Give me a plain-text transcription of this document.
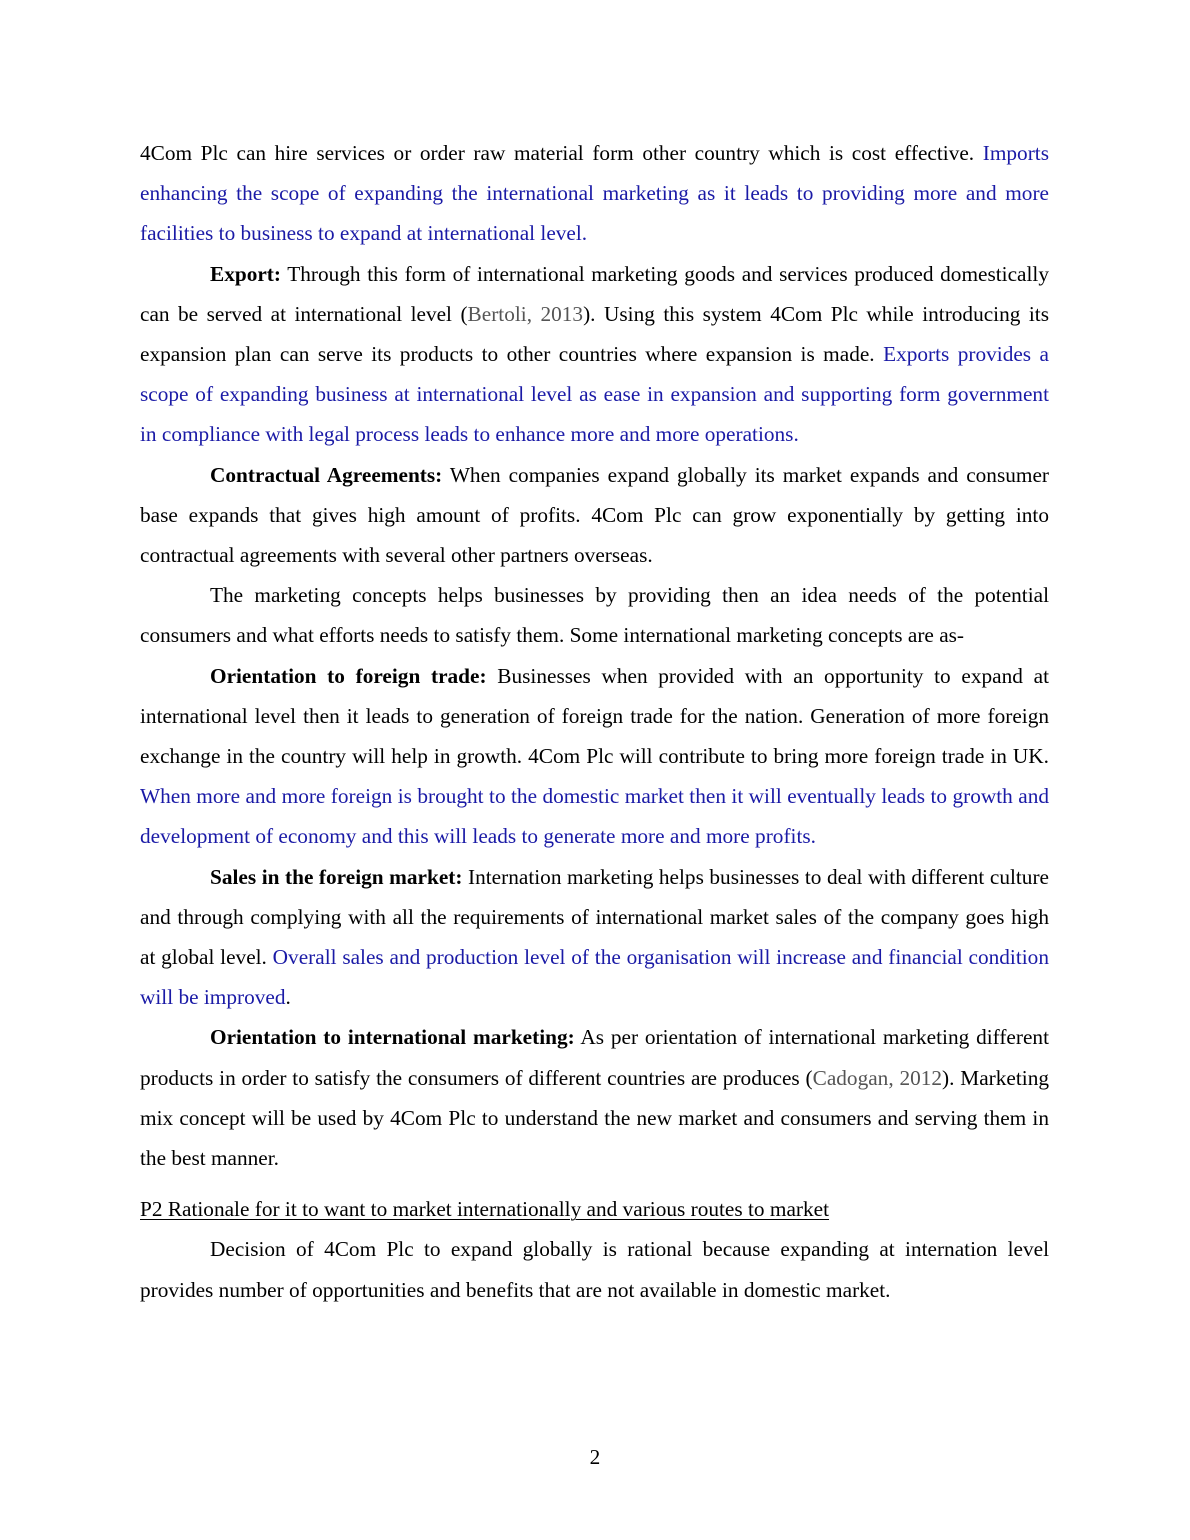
4Com Plc can hire services or order raw material form other country which is cost effective. Imports enhancing the scope of expanding the international marketing as it leads to providing more and more facilities to business to expand at international level.

Export: Through this form of international marketing goods and services produced domestically can be served at international level (Bertoli, 2013). Using this system 4Com Plc while introducing its expansion plan can serve its products to other countries where expansion is made. Exports provides a scope of expanding business at international level as ease in expansion and supporting form government in compliance with legal process leads to enhance more and more operations.

Contractual Agreements: When companies expand globally its market expands and consumer base expands that gives high amount of profits. 4Com Plc can grow exponentially by getting into contractual agreements with several other partners overseas.

The marketing concepts helps businesses by providing then an idea needs of the potential consumers and what efforts needs to satisfy them. Some international marketing concepts are as-

Orientation to foreign trade: Businesses when provided with an opportunity to expand at international level then it leads to generation of foreign trade for the nation. Generation of more foreign exchange in the country will help in growth. 4Com Plc will contribute to bring more foreign trade in UK. When more and more foreign is brought to the domestic market then it will eventually leads to growth and development of economy and this will leads to generate more and more profits.

Sales in the foreign market: Internation marketing helps businesses to deal with different culture and through complying with all the requirements of international market sales of the company goes high at global level. Overall sales and production level of the organisation will increase and financial condition will be improved.

Orientation to international marketing: As per orientation of international marketing different products in order to satisfy the consumers of different countries are produces (Cadogan, 2012). Marketing mix concept will be used by 4Com Plc to understand the new market and consumers and serving them in the best manner.

P2 Rationale for it to want to market internationally and various routes to market

Decision of 4Com Plc to expand globally is rational because expanding at internation level provides number of opportunities and benefits that are not available in domestic market.

2
